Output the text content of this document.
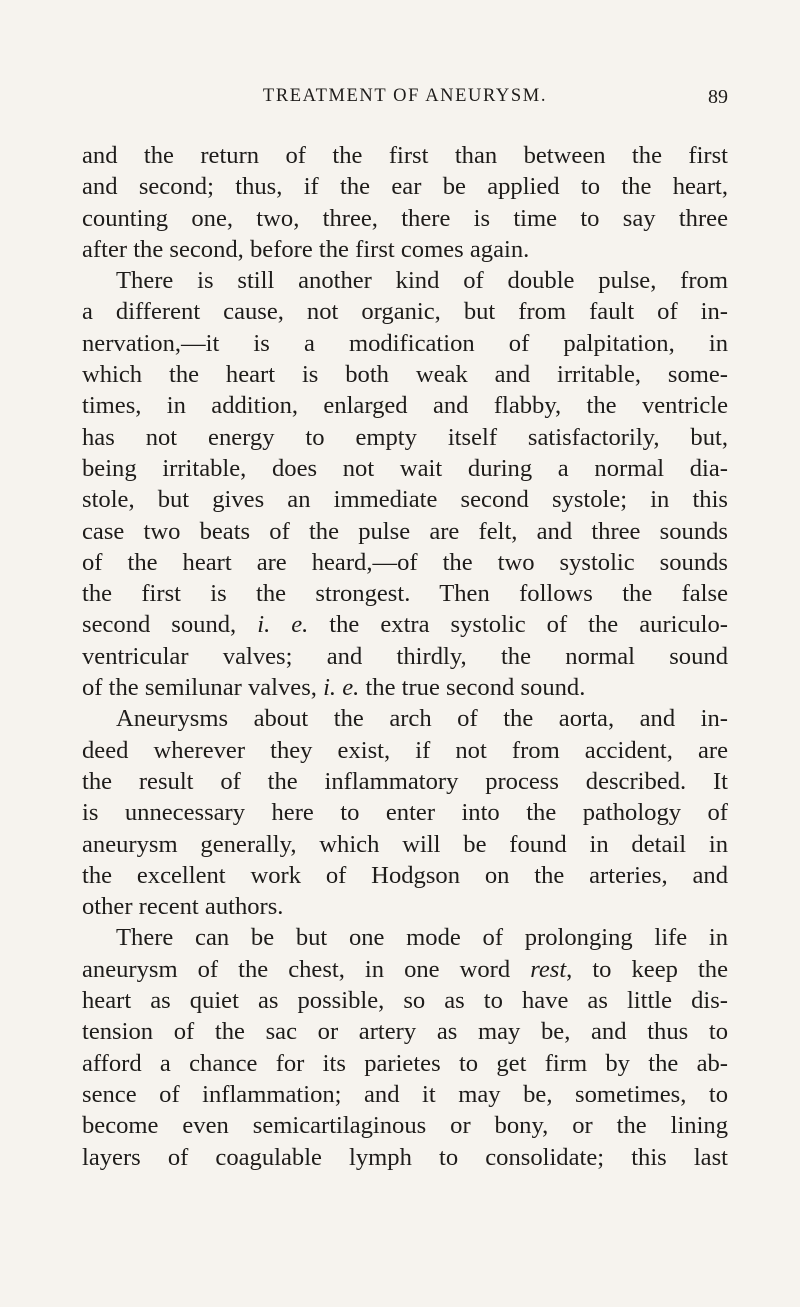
TREATMENT OF ANEURYSM.	89
and the return of the first than between the first
and second; thus, if the ear be applied to the heart,
counting one, two, three, there is time to say three
after the second, before the first comes again.
There is still another kind of double pulse, from
a different cause, not organic, but from fault of in-
nervation,—it is a modification of palpitation, in
which the heart is both weak and irritable, some-
times, in addition, enlarged and flabby, the ventricle
has not energy to empty itself satisfactorily, but,
being irritable, does not wait during a normal dia-
stole, but gives an immediate second systole; in this
case two beats of the pulse are felt, and three sounds
of the heart are heard,—of the two systolic sounds
the first is the strongest. Then follows the false
second sound, i. e. the extra systolic of the auriculo-
ventricular valves; and thirdly, the normal sound
of the semilunar valves, i. e. the true second sound.
Aneurysms about the arch of the aorta, and in-
deed wherever they exist, if not from accident, are
the result of the inflammatory process described. It
is unnecessary here to enter into the pathology of
aneurysm generally, which will be found in detail in
the excellent work of Hodgson on the arteries, and
other recent authors.
There can be but one mode of prolonging life in
aneurysm of the chest, in one word rest, to keep the
heart as quiet as possible, so as to have as little dis-
tension of the sac or artery as may be, and thus to
afford a chance for its parietes to get firm by the ab-
sence of inflammation; and it may be, sometimes, to
become even semicartilaginous or bony, or the lining
layers of coagulable lymph to consolidate; this last
